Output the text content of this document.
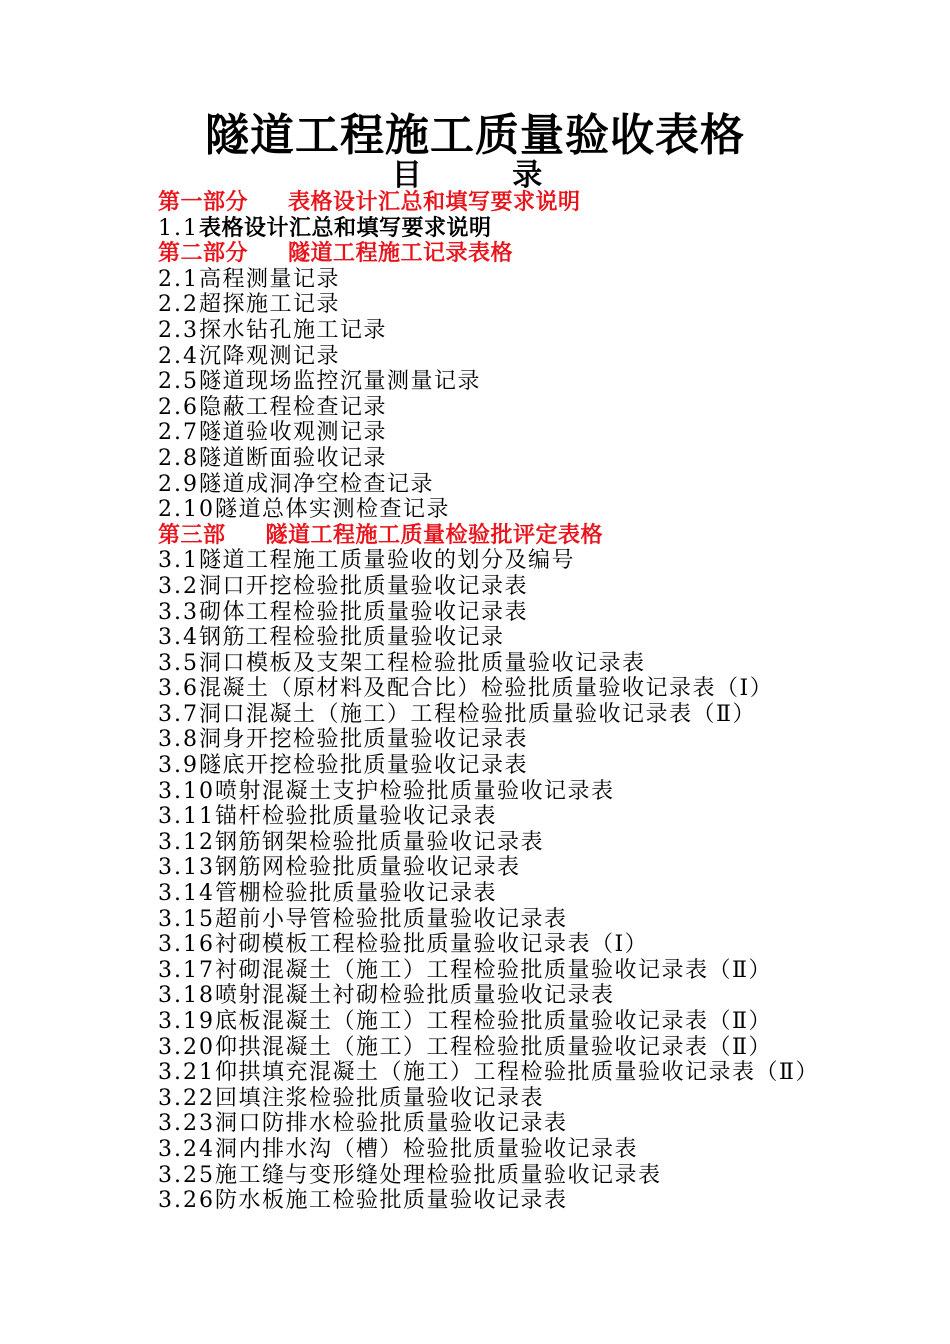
隧道工程施工质量验收表格
目 录
第一部分 表格设计汇总和填写要求说明
1.1表格设计汇总和填写要求说明
第二部分 隧道工程施工记录表格
2.1高程测量记录
2.2超探施工记录
2.3探水钻孔施工记录
2.4沉降观测记录
2.5隧道现场监控沉量测量记录
2.6隐蔽工程检查记录
2.7隧道验收观测记录
2.8隧道断面验收记录
2.9隧道成洞净空检查记录
2.10隧道总体实测检查记录
第三部 隧道工程施工质量检验批评定表格
3.1隧道工程施工质量验收的划分及编号
3.2洞口开挖检验批质量验收记录表
3.3砌体工程检验批质量验收记录表
3.4钢筋工程检验批质量验收记录
3.5洞口模板及支架工程检验批质量验收记录表
3.6混凝土（原材料及配合比）检验批质量验收记录表（Ⅰ）
3.7洞口混凝土（施工）工程检验批质量验收记录表（Ⅱ）
3.8洞身开挖检验批质量验收记录表
3.9隧底开挖检验批质量验收记录表
3.10喷射混凝土支护检验批质量验收记录表
3.11锚杆检验批质量验收记录表
3.12钢筋钢架检验批质量验收记录表
3.13钢筋网检验批质量验收记录表
3.14管棚检验批质量验收记录表
3.15超前小导管检验批质量验收记录表
3.16衬砌模板工程检验批质量验收记录表（Ⅰ）
3.17衬砌混凝土（施工）工程检验批质量验收记录表（Ⅱ）
3.18喷射混凝土衬砌检验批质量验收记录表
3.19底板混凝土（施工）工程检验批质量验收记录表（Ⅱ）
3.20仰拱混凝土（施工）工程检验批质量验收记录表（Ⅱ）
3.21仰拱填充混凝土（施工）工程检验批质量验收记录表（Ⅱ）
3.22回填注浆检验批质量验收记录表
3.23洞口防排水检验批质量验收记录表
3.24洞内排水沟（槽）检验批质量验收记录表
3.25施工缝与变形缝处理检验批质量验收记录表
3.26防水板施工检验批质量验收记录表
